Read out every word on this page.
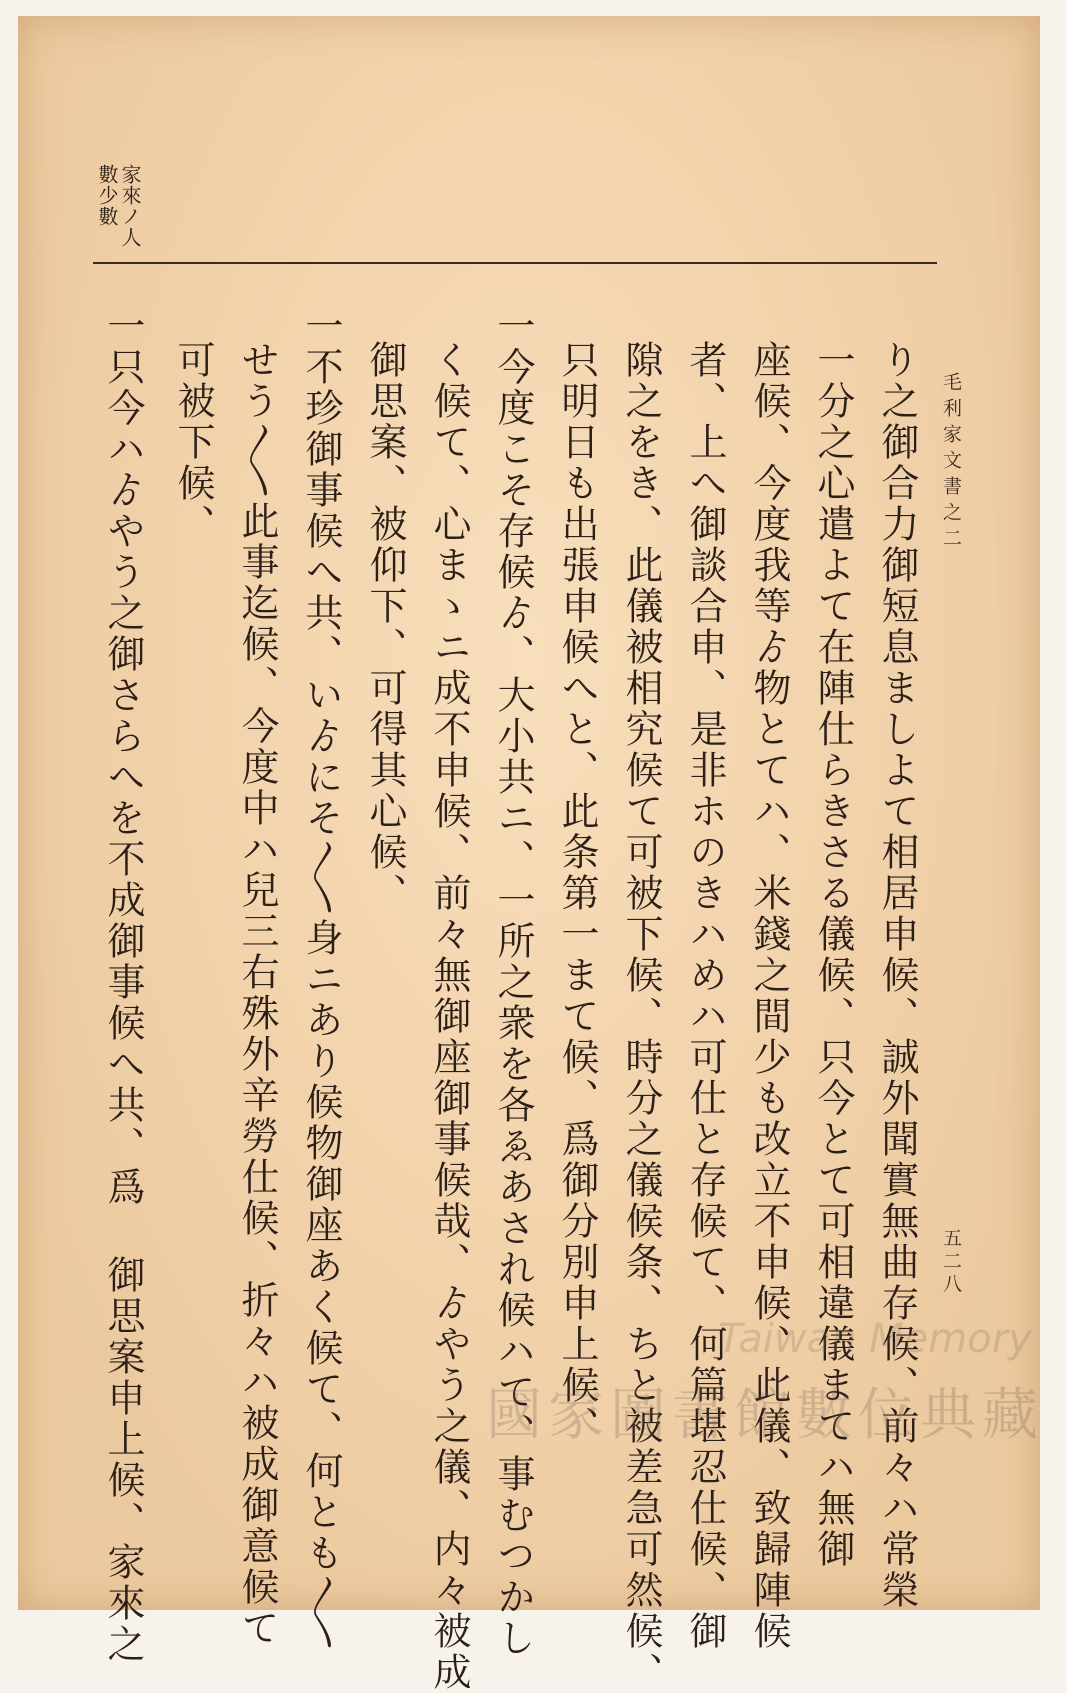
毛利家文書之二
五二八
家來ノ人
數少數
り之御合力御短息ましよて相居申候、誠外聞實無曲存候、前々ハ常榮
一分之心遣よて在陣仕らきさる儀候、只今とて可相違儀まてハ無御
座候、今度我等ゟ物とてハ、米錢之間少も改立不申候、此儀、致歸陣候
者、上へ御談合申、是非ホのきハめハ可仕と存候て、何篇堪忍仕候、御
隙之をき、此儀被相究候て可被下候、時分之儀候条、ちと被差急可然候、
只明日も出張申候へと、此条第一まて候、爲御分別申上候、
一今度こそ存候ゟ、大小共ニ、一所之衆を各ゑあされ候ハて、事むつかし
く候て、心まゝニ成不申候、前々無御座御事候哉、ゟやう之儀、内々被成
御思案、被仰下、可得其心候、
一不珍御事候へ共、いゟにそ〳〵身ニあり候物御座あく候て、何とも〳〵
せう〳〵此事迄候、今度中ハ兒三右殊外辛勞仕候、折々ハ被成御意候て
可被下候、
一只今ハゟやう之御さらへを不成御事候へ共、爲 御思案申上候、家來之	Taiwan Memory
國家圖書館數位典藏
